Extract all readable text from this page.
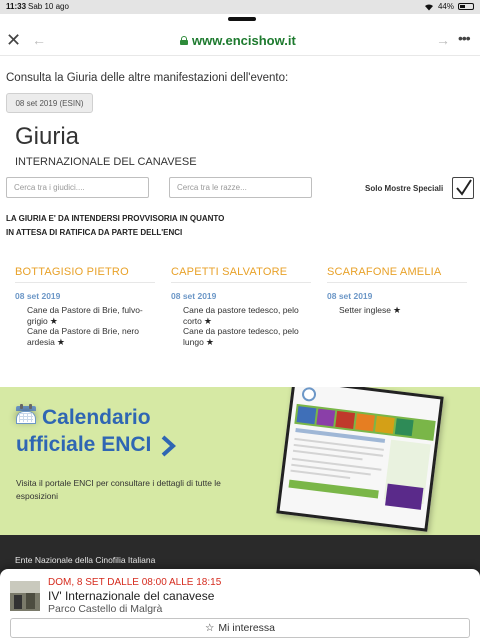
11:33 Sab 10 ago	44%
✕ ←	www.encishow.it	→ •••
Consulta la Giuria delle altre manifestazioni dell'evento:
08 set 2019 (ESIN)
Giuria
INTERNAZIONALE DEL CANAVESE
Cerca tra i giudici....	Cerca tra le razze...	Solo Mostre Speciali
LA GIURIA E' DA INTENDERSI PROVVISORIA IN QUANTO
IN ATTESA DI RATIFICA DA PARTE DELL'ENCI
BOTTAGISIO PIETRO
08 set 2019
Cane da Pastore di Brie, fulvo-
grigio ★
Cane da Pastore di Brie, nero
ardesia ★
CAPETTI SALVATORE
08 set 2019
Cane da pastore tedesco, pelo
corto ★
Cane da pastore tedesco, pelo
lungo ★
SCARAFONE AMELIA
08 set 2019
Setter inglese ★
Calendario ufficiale ENCI
Visita il portale ENCI per consultare i dettagli di tutte le esposizioni
Ente Nazionale della Cinofilia Italiana
DOM, 8 SET DALLE 08:00 ALLE 18:15
IV' Internazionale del canavese
Parco Castello di Malgrà
☆ Mi interessa
